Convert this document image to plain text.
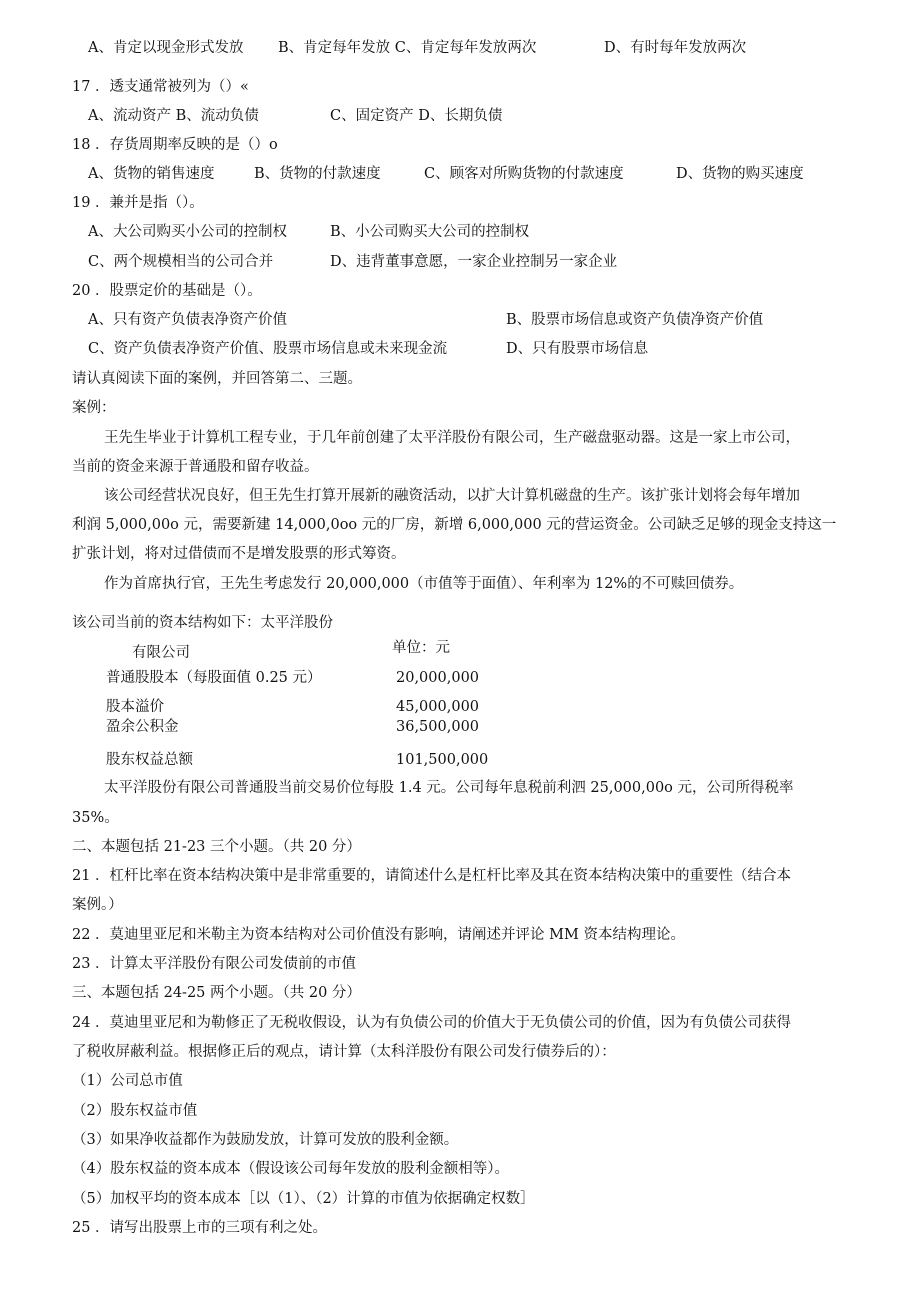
A、肯定以现金形式发放 B、肯定每年发放 C、肯定每年发放两次	D、有时每年发放两次
17 ．透支通常被列为（）«
A、流动资产 B、流动负债	C、固定资产 D、长期负债
18 ．存货周期率反映的是（）o
A、货物的销售速度	B、货物的付款速度	C、顾客对所购货物的付款速度	D、货物的购买速度
19 ．兼并是指（）。
A、大公司购买小公司的控制权	B、小公司购买大公司的控制权
C、两个规模相当的公司合并	D、违背董事意愿，一家企业控制另一家企业
20 ．股票定价的基础是（）。
A、只有资产负债表净资产价值	B、股票市场信息或资产负债净资产价值
C、资产负债表净资产价值、股票市场信息或未来现金流	D、只有股票市场信息
请认真阅读下面的案例，并回答第二、三题。
案例：
王先生毕业于计算机工程专业，于几年前创建了太平洋股份有限公司，生产磁盘驱动器。这是一家上市公司，
当前的资金来源于普通股和留存收益。
该公司经营状况良好，但王先生打算开展新的融资活动，以扩大计算机磁盘的生产。该扩张计划将会每年增加
利润 5,000,00o 元，需要新建 14,000,0oo 元的厂房，新增 6,000,000 元的营运资金。公司缺乏足够的现金支持这一
扩张计划，将对过借债而不是增发股票的形式筹资。
作为首席执行官，王先生考虑发行 20,000,000（市值等于面值）、年利率为 12%的不可赎回债券。
该公司当前的资本结构如下：太平洋股份
有限公司	单位：元
普通股股本（每股面值 0.25 元）	20,000,000
股本溢价	45,000,000
盈余公积金	36,500,000
股东权益总额	101,500,000
太平洋股份有限公司普通股当前交易价位每股 1.4 元。公司每年息税前利泗 25,000,00o 元，公司所得税率
35%。
二、本题包括 21-23 三个小题。（共 20 分）
21 ．杠杆比率在资本结构决策中是非常重要的，请简述什么是杠杆比率及其在资本结构决策中的重要性（结合本
案例。）
22 ．莫迪里亚尼和米勒主为资本结构对公司价值没有影响，请阐述并评论 MM 资本结构理论。
23 ．计算太平洋股份有限公司发债前的市值
三、本题包括 24-25 两个小题。（共 20 分）
24 ．莫迪里亚尼和为勒修正了无税收假设，认为有负债公司的价值大于无负债公司的价值，因为有负债公司获得
了税收屏蔽利益。根据修正后的观点，请计算（太科洋股份有限公司发行债券后的）：
（1）公司总市值
（2）股东权益市值
（3）如果净收益都作为鼓励发放，计算可发放的股利金额。
（4）股东权益的资本成本（假设该公司每年发放的股利金额相等）。
（5）加权平均的资本成本［以（1）、（2）计算的市值为依据确定权数］
25 ．请写出股票上市的三项有利之处。
